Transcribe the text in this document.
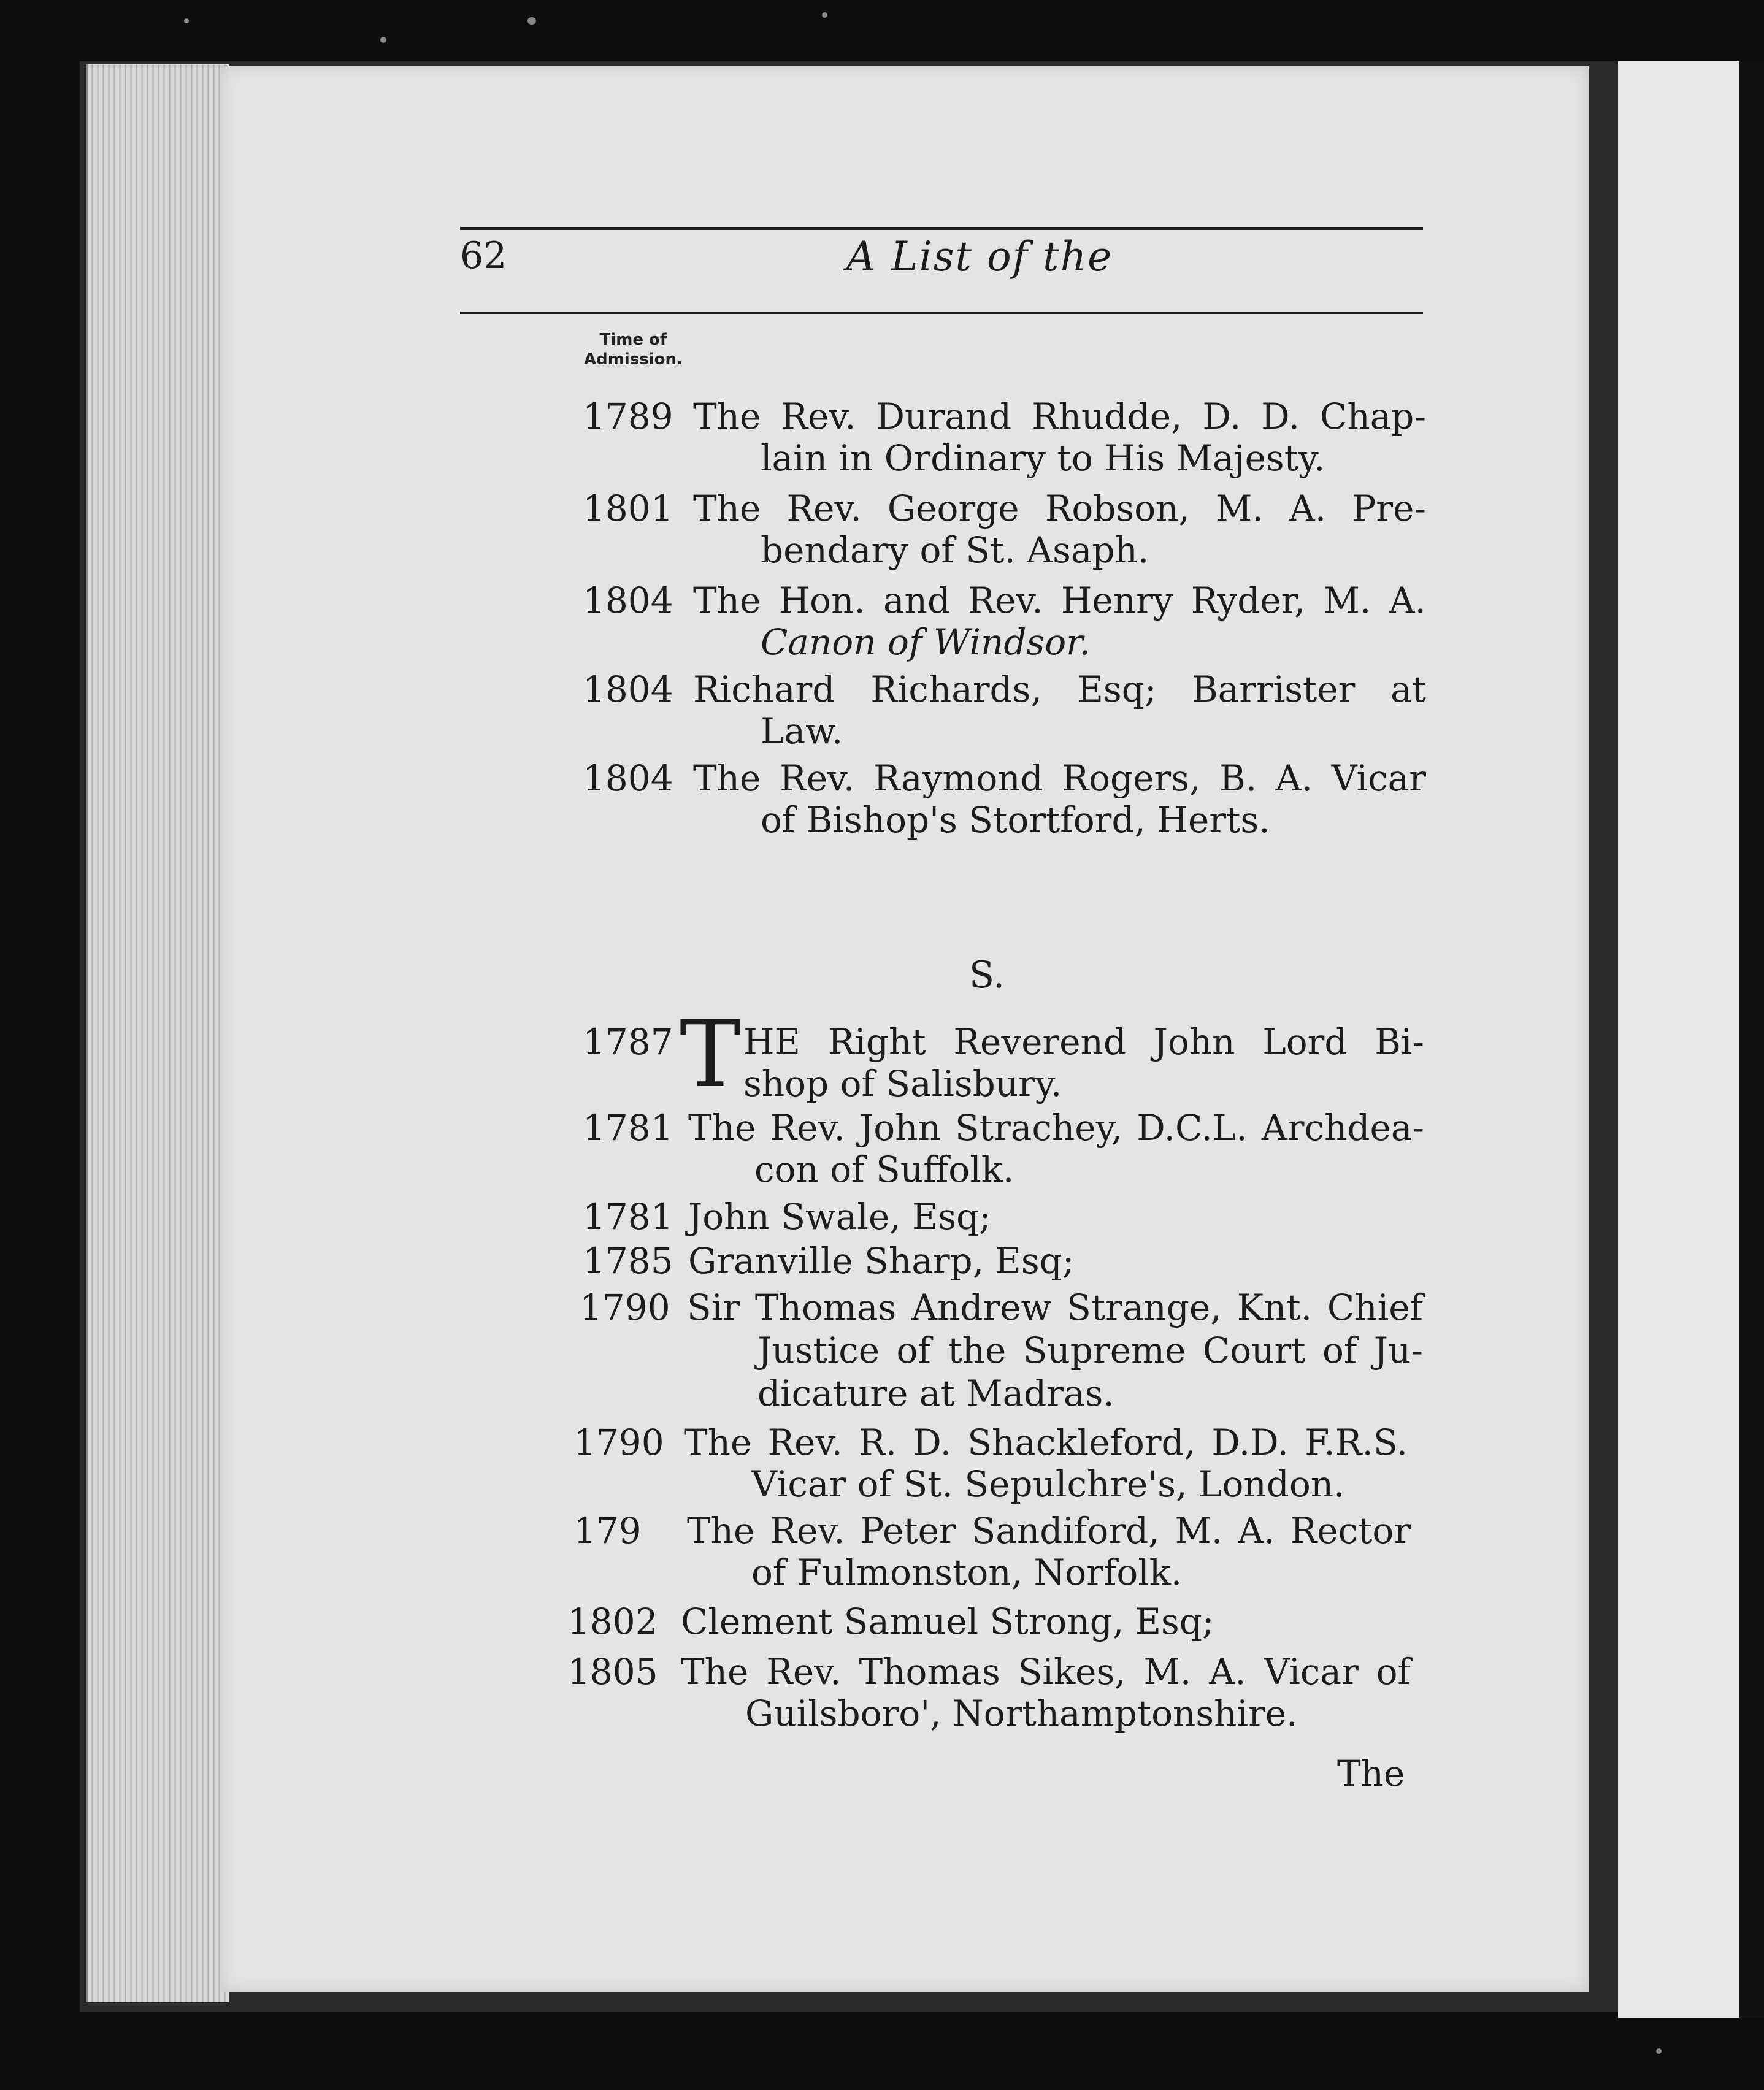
62	A List of the
Time of
Admission.
1789 The Rev. Durand Rhudde, D. D. Chap-
lain in Ordinary to His Majesty.
1801 The Rev. George Robson, M. A. Pre-
bendary of St. Asaph.
1804 The Hon. and Rev. Henry Ryder, M. A.
Canon of Windsor.
1804 Richard Richards, Esq; Barrister at
Law.
1804 The Rev. Raymond Rogers, B. A. Vicar
of Bishop's Stortford, Herts.
S.
T
1787 HE Right Reverend John Lord Bi-
shop of Salisbury.
1781 The Rev. John Strachey, D.C.L. Archdea-
con of Suffolk.
1781 John Swale, Esq;
1785 Granville Sharp, Esq;
1790 Sir Thomas Andrew Strange, Knt. Chief
Justice of the Supreme Court of Ju-
dicature at Madras.
1790 The Rev. R. D. Shackleford, D.D. F.R.S.
Vicar of St. Sepulchre's, London.
179 The Rev. Peter Sandiford, M. A. Rector
of Fulmonston, Norfolk.
1802 Clement Samuel Strong, Esq;
1805 The Rev. Thomas Sikes, M. A. Vicar of
Guilsboro', Northamptonshire.
The
